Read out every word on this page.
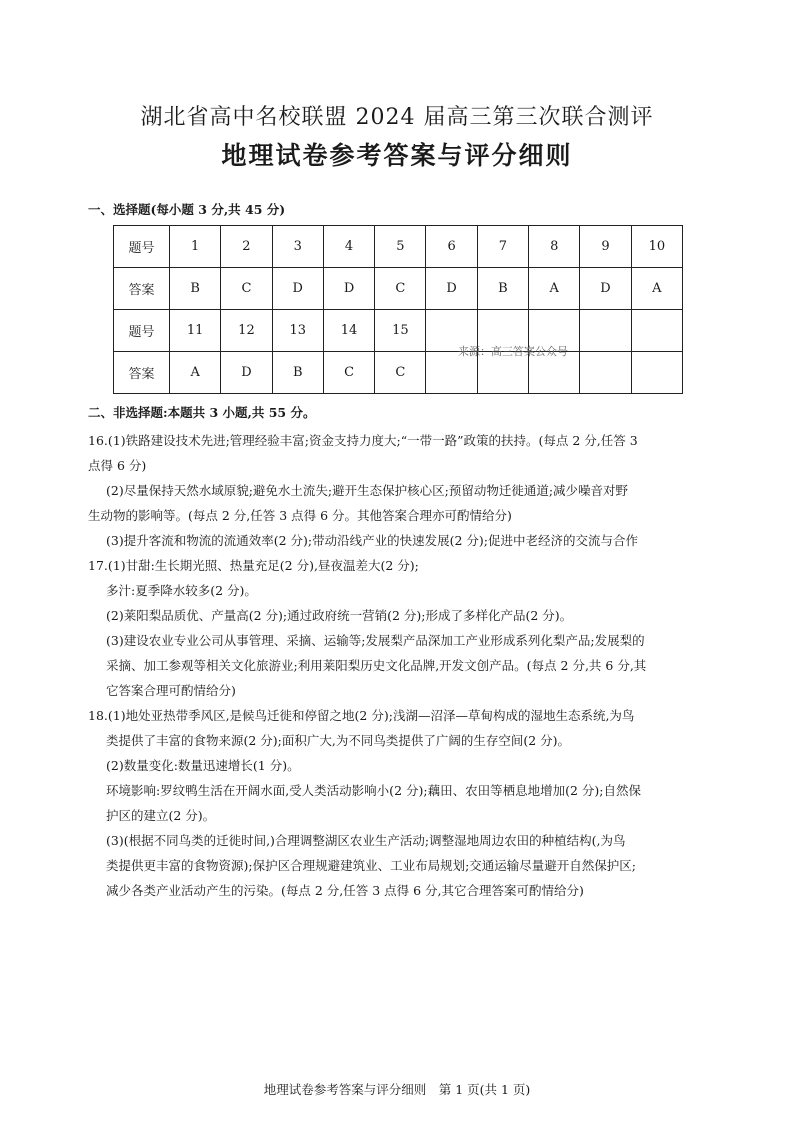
湖北省高中名校联盟 2024 届高三第三次联合测评
地理试卷参考答案与评分细则
一、选择题(每小题 3 分,共 45 分)
题号	1	2	3	4	5	6	7	8	9	10
答案	B	C	D	D	C	D	B	A	D	A
题号	11	12	13	14	15					
答案	A	D	B	C	C					
来源：高三答案公众号
二、非选择题:本题共 3 小题,共 55 分。

16.(1)铁路建设技术先进;管理经验丰富;资金支持力度大;“一带一路”政策的扶持。(每点 2 分,任答 3

点得 6 分)

(2)尽量保持天然水域原貌;避免水土流失;避开生态保护核心区;预留动物迁徙通道;减少噪音对野

生动物的影响等。(每点 2 分,任答 3 点得 6 分。其他答案合理亦可酌情给分)

(3)提升客流和物流的流通效率(2 分);带动沿线产业的快速发展(2 分);促进中老经济的交流与合作

17.(1)甘甜:生长期光照、热量充足(2 分),昼夜温差大(2 分);

多汁:夏季降水较多(2 分)。

(2)莱阳梨品质优、产量高(2 分);通过政府统一营销(2 分);形成了多样化产品(2 分)。

(3)建设农业专业公司从事管理、采摘、运输等;发展梨产品深加工产业形成系列化梨产品;发展梨的

采摘、加工参观等相关文化旅游业;利用莱阳梨历史文化品牌,开发文创产品。(每点 2 分,共 6 分,其

它答案合理可酌情给分)

18.(1)地处亚热带季风区,是候鸟迁徙和停留之地(2 分);浅湖—沼泽—草甸构成的湿地生态系统,为鸟

类提供了丰富的食物来源(2 分);面积广大,为不同鸟类提供了广阔的生存空间(2 分)。

(2)数量变化:数量迅速增长(1 分)。

环境影响:罗纹鸭生活在开阔水面,受人类活动影响小(2 分);藕田、农田等栖息地增加(2 分);自然保

护区的建立(2 分)。

(3)(根据不同鸟类的迁徙时间,)合理调整湖区农业生产活动;调整湿地周边农田的种植结构(,为鸟

类提供更丰富的食物资源);保护区合理规避建筑业、工业布局规划;交通运输尽量避开自然保护区;

减少各类产业活动产生的污染。(每点 2 分,任答 3 点得 6 分,其它合理答案可酌情给分)

地理试卷参考答案与评分细则　第 1 页(共 1 页)
